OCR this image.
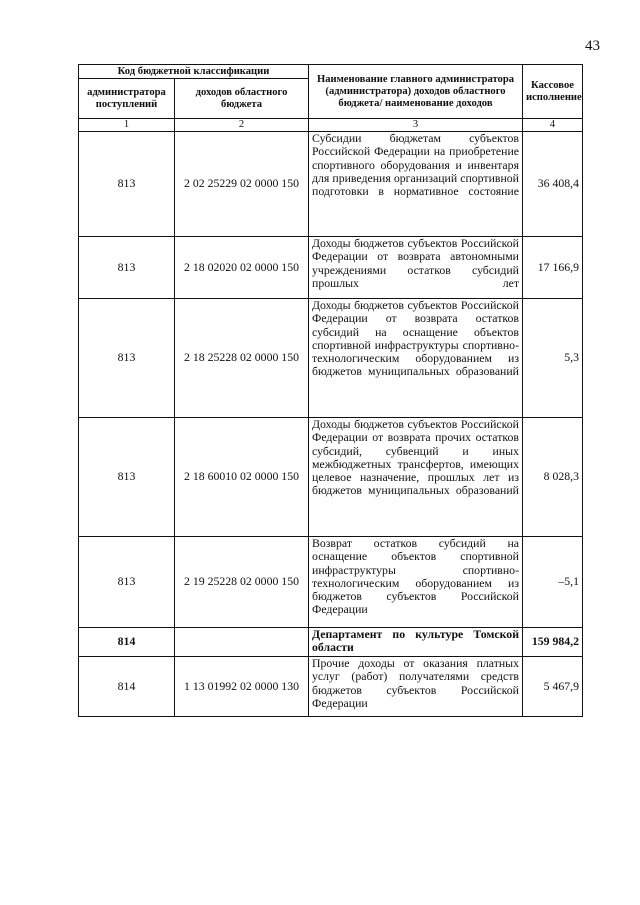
43
Код бюджетной классификации		Наименование главного администратора (администратора) доходов областного бюджета/ наименование доходов	Кассовое исполнение
администратора поступлений	доходов областного бюджета		
1	2	3	4
813	2 02 25229 02 0000 150	Субсидии бюджетам субъектов Российской Федерации на приобретение спортивного оборудования и инвентаря для приведения организаций спортивной подготовки в нормативное состояние	36 408,4
813	2 18 02020 02 0000 150	Доходы бюджетов субъектов Российской Федерации от возврата автономными учреждениями остатков субсидий прошлых лет	17 166,9
813	2 18 25228 02 0000 150	Доходы бюджетов субъектов Российской Федерации от возврата остатков субсидий на оснащение объектов спортивной инфраструктуры спортивно-технологическим оборудованием из бюджетов муниципальных образований	5,3
813	2 18 60010 02 0000 150	Доходы бюджетов субъектов Российской Федерации от возврата прочих остатков субсидий, субвенций и иных межбюджетных трансфертов, имеющих целевое назначение, прошлых лет из бюджетов муниципальных образований	8 028,3
813	2 19 25228 02 0000 150	Возврат остатков субсидий на оснащение объектов спортивной инфраструктуры спортивно-технологическим оборудованием из бюджетов субъектов Российской Федерации	–5,1
814		Департамент по культуре Томской области	159 984,2
814	1 13 01992 02 0000 130	Прочие доходы от оказания платных услуг (работ) получателями средств бюджетов субъектов Российской Федерации	5 467,9
